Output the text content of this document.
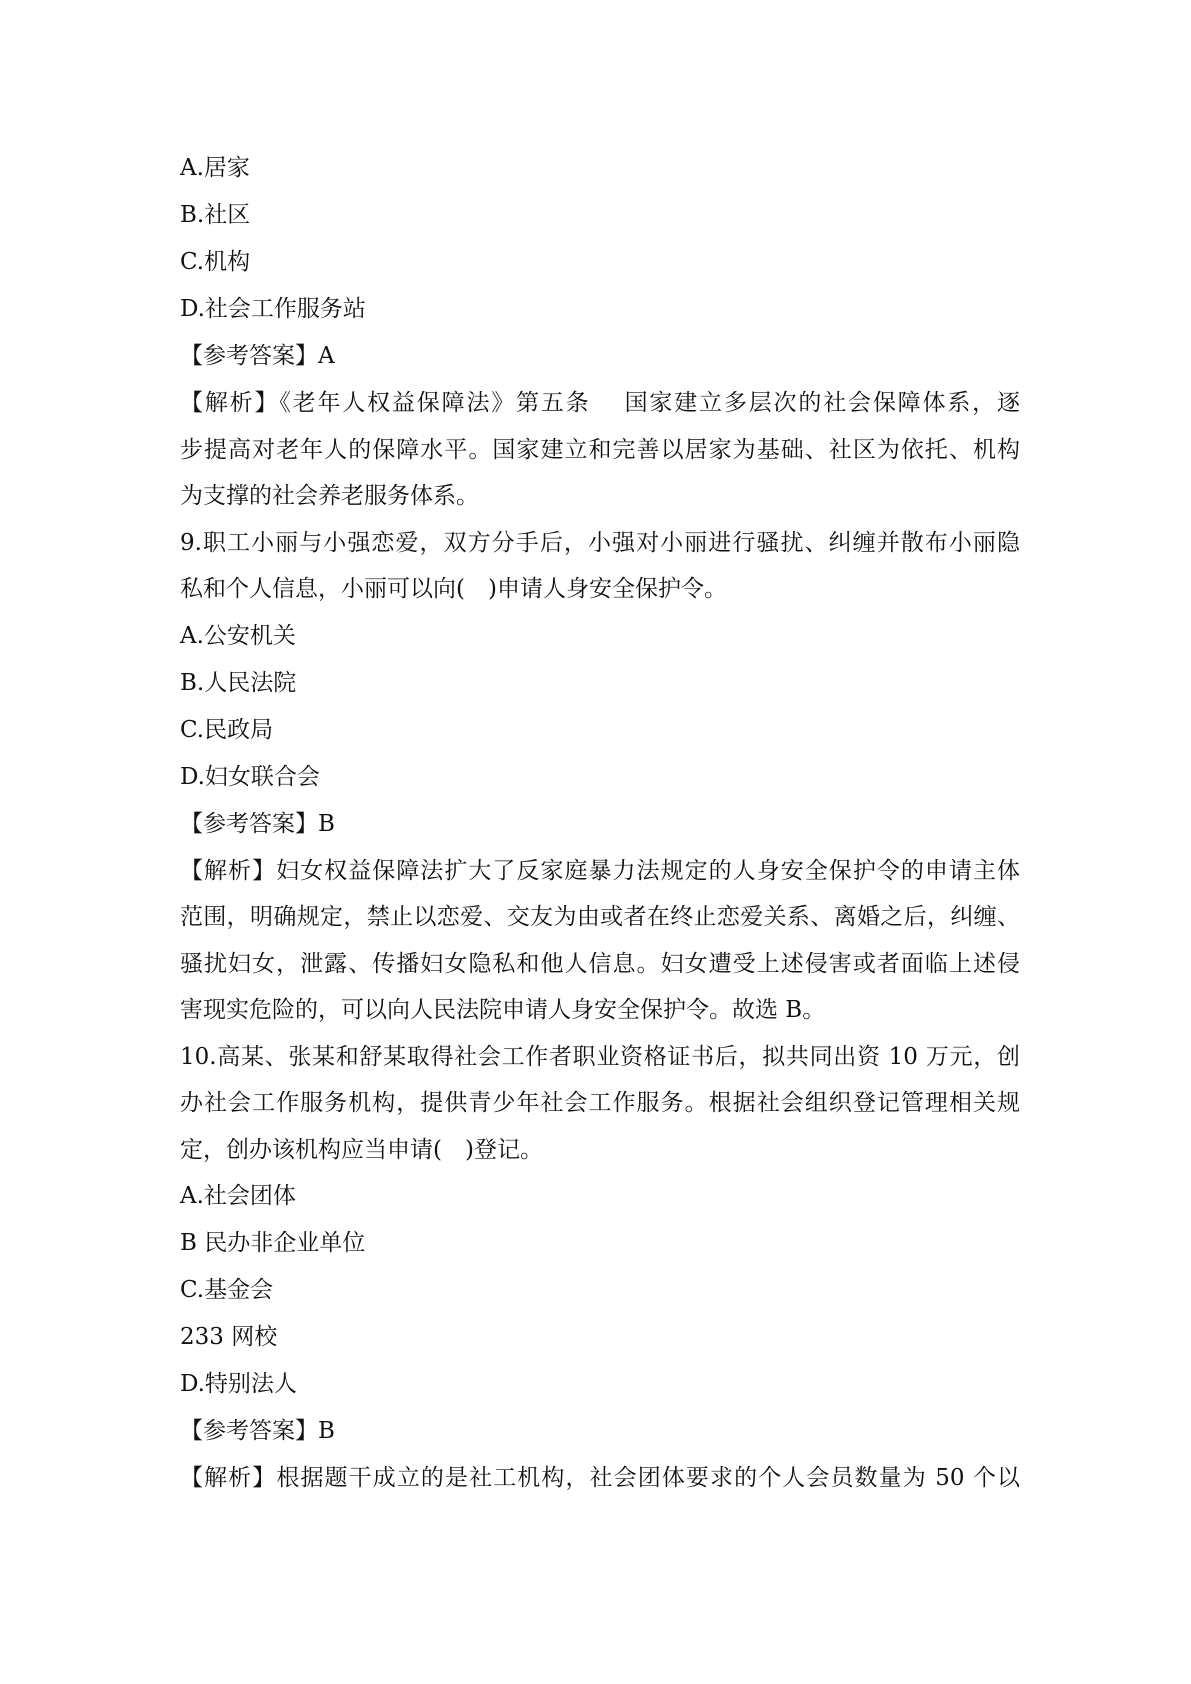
A.居家
B.社区
C.机构
D.社会工作服务站
【参考答案】A
【解析】《老年人权益保障法》第五条　 国家建立多层次的社会保障体系，逐
步提高对老年人的保障水平。国家建立和完善以居家为基础、社区为依托、机构
为支撑的社会养老服务体系。
9.职工小丽与小强恋爱，双方分手后，小强对小丽进行骚扰、纠缠并散布小丽隐
私和个人信息，小丽可以向(　)申请人身安全保护令。
A.公安机关
B.人民法院
C.民政局
D.妇女联合会
【参考答案】B
【解析】妇女权益保障法扩大了反家庭暴力法规定的人身安全保护令的申请主体
范围，明确规定，禁止以恋爱、交友为由或者在终止恋爱关系、离婚之后，纠缠、
骚扰妇女，泄露、传播妇女隐私和他人信息。妇女遭受上述侵害或者面临上述侵
害现实危险的，可以向人民法院申请人身安全保护令。故选 B。
10.高某、张某和舒某取得社会工作者职业资格证书后，拟共同出资 10 万元，创
办社会工作服务机构，提供青少年社会工作服务。根据社会组织登记管理相关规
定，创办该机构应当申请(　)登记。
A.社会团体
B 民办非企业单位
C.基金会
233 网校
D.特别法人
【参考答案】B
【解析】根据题干成立的是社工机构，社会团体要求的个人会员数量为 50 个以
